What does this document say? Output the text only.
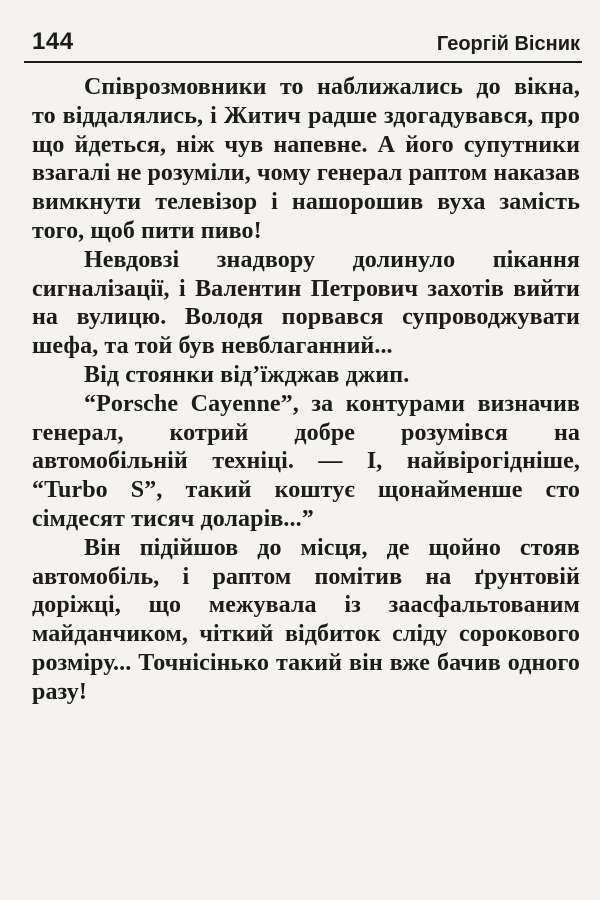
144	Георгій Вісник

Співрозмовники то наближались до вікна, то віддалялись, і Житич радше здогадувався, про що йдеться, ніж чув напевне. А його супутники взагалі не розуміли, чому генерал раптом наказав вимкнути телевізор і нашорошив вуха замість того, щоб пити пиво!

Невдовзі знадвору долинуло пікання сигналізації, і Валентин Петрович захотів вийти на вулицю. Володя порвався супроводжувати шефа, та той був невблаганний...

Від стоянки від’їжджав джип.

“Porsche Cayenne”, за контурами визначив генерал, котрий добре розумівся на автомобільній техніці. — І, найвірогідніше, “Turbo S”, такий коштує щонайменше сто сімдесят тисяч доларів...”

Він підійшов до місця, де щойно стояв автомобіль, і раптом помітив на ґрунтовій доріжці, що межувала із заасфальтованим майданчиком, чіткий відбиток сліду сорокового розміру... Точнісінько такий він вже бачив одного разу!
